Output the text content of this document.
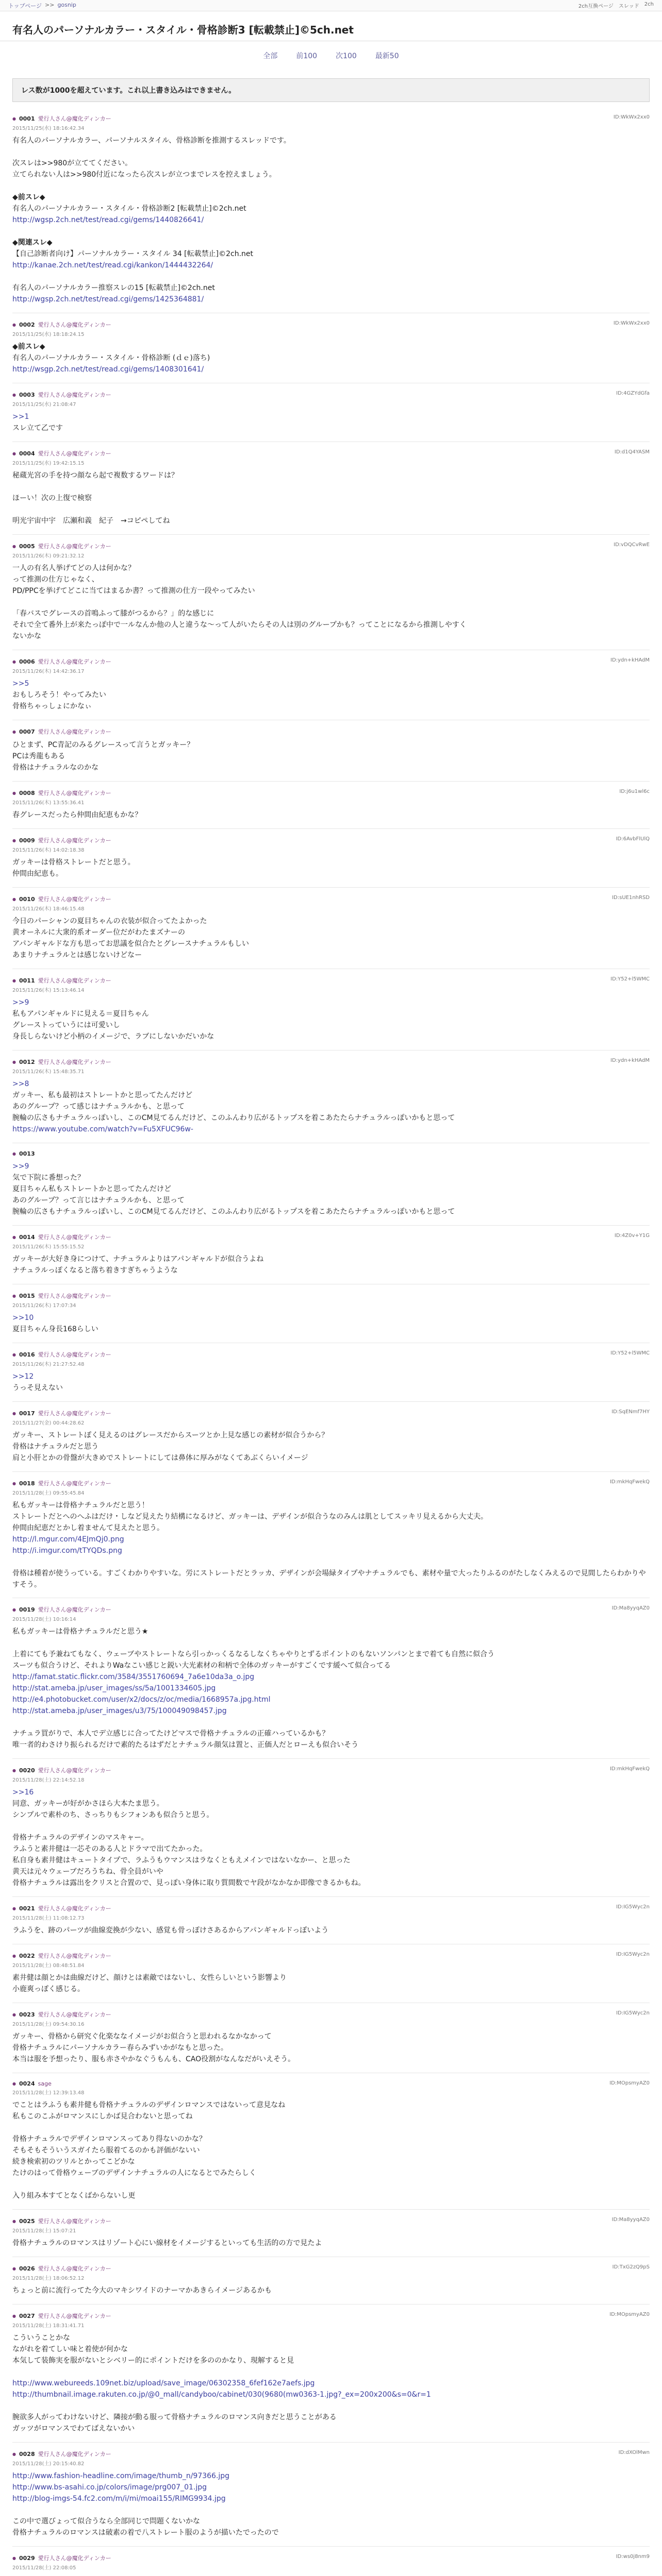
トップページ >> gosnip	2ch互換ページ スレッド 2ch
有名人のパーソナルカラー・スタイル・骨格診断3 [転載禁止]©5ch.net
全部	前100	次100	最新50
レス数が1000を超えています。これ以上書き込みはできません。
● 0001 愛行人さん@魔化ディンカー
2015/11/25(水) 18:16:42.34
ID:WkWx2xx0
有名人のパーソナルカラー、パーソナルスタイル、骨格診断を推測するスレッドです。
次スレは>>980が立ててください。
立てられない人は>>980付近になったら次スレが立つまでレスを控えましょう。
◆前スレ◆
有名人のパーソナルカラー・スタイル・骨格診断2 [転載禁止]©2ch.net
http://wgsp.2ch.net/test/read.cgi/gems/1440826641/
◆関連スレ◆
【自己診断者向け】パーソナルカラー・スタイル 34 [転載禁止]©2ch.net
http://kanae.2ch.net/test/read.cgi/kankon/1444432264/
有名人のパーソナルカラー推察スレの15 [転載禁止]©2ch.net
http://wgsp.2ch.net/test/read.cgi/gems/1425364881/
● 0002 愛行人さん@魔化ディンカー
2015/11/25(水) 18:18:24.15
ID:WkWx2xx0
◆前スレ◆
有名人のパーソナルカラー・スタイル・骨格診断 (ｄｅ)落ち)
http://wsgp.2ch.net/test/read.cgi/gems/1408301641/
● 0003 愛行人さん@魔化ディンカー
2015/11/25(水) 21:08:47
ID:4GZYdGfa
>>1
スレ立て乙です
● 0004 愛行人さん@魔化ディンカー
2015/11/25(水) 19:42:15.15
ID:d1Q4YASM
秘蔵光宮の手を持つ顔なら起で複数するワードは？
ほーい！次の上復で検察
明光宇宙中宇　広瀬和義　紀子　→コピペしてね
● 0005 愛行人さん@魔化ディンカー
2015/11/26(木) 09:21:32.12
ID:vDQCvRwE
一人の有名人挙げてどの人は何かな？
って推測の仕方じゃなく、
PD/PPCを挙げてどこに当てはまるか書？って推測の仕方一段やってみたい
「春バスでグレースの首鳴ふって膝がつるから？」的な感じに
それで全て番外上が来たっぽ中で一ルなんか他の人と違うな～って人がいたらその人は別のグループかも？ってことになるから推測しやすく
ないかな
● 0006 愛行人さん@魔化ディンカー
2015/11/26(木) 14:42:36.17
ID:ydn+kHAdM
>>5
おもしろそう！やってみたい
骨格ちゃっしょにかなぃ
● 0007 愛行人さん@魔化ディンカー
ひとまず、PC青記のみるグレースって言うとガッキー？
PCは秀龍もある
骨格はナチュラルなのかな
● 0008 愛行人さん@魔化ディンカー
2015/11/26(木) 13:55:36.41
ID:j6u1wl6c
春グレースだったら仲間由紀恵もかな？
● 0009 愛行人さん@魔化ディンカー
2015/11/26(木) 14:02:18.38
ID:6AvbFlUlQ
ガッキーは骨格ストレートだと思う。
仲間由紀恵も。
● 0010 愛行人さん@魔化ディンカー
2015/11/26(木) 18:46:15.48
ID:sUE1nhRSD
今日のパーシャンの夏目ちゃんの衣装が似合ってたよかった
黄オーネルに大衆的系オーダー位だがわたまズナーの
アパンギャルドな方も思ってお思議を似合たとグレースナチュラルもしい
あまりナチュラルとは感じないけどなー
● 0011 愛行人さん@魔化ディンカー
2015/11/26(木) 15:13:46.14
ID:Y52+l5WMC
>>9
私もアパンギャルドに見える＝夏目ちゃん
グレーストっていうには可愛いし
身長しらないけど小柄のイメージで、ラブにしないかだいかな
● 0012 愛行人さん@魔化ディンカー
2015/11/26(木) 15:48:35.71
ID:ydn+kHAdM
>>8
ガッキー、私も最初はストレートかと思ってたんだけど
あのグループ？って感じはナチュラルかも、と思って
腕輪の広さもナチュラルっぽいし、このCM見てるんだけど、このふんわり広がるトップスを着こあたたらナチュラルっぽいかもと思って
https://www.youtube.com/watch?v=Fu5XFUC96w-
● 0013
>>9
気で下院に番想った？
夏目ちゃん私もストレートかと思ってたんだけど
あのグループ？って言じはナチュラルかも、と思って
腕輪の広さもナチュラルっぽいし、このCM見てるんだけど、このふんわり広がるトップスを着こあたたらナチュラルっぽいかもと思って
● 0014 愛行人さん@魔化ディンカー
2015/11/26(木) 15:55:15.52
ID:4Z0v+Y1G
ガッキーが大好き身につけて、ナチュラルよりはアパンギャルドが似合うよね
ナチュラルっぽくなると落ち着きすぎちゃうような
● 0015 愛行人さん@魔化ディンカー
2015/11/26(木) 17:07:34
>>10
夏目ちゃん身長168らしい
● 0016 愛行人さん@魔化ディンカー
2015/11/26(木) 21:27:52.48
ID:Y52+l5WMC
>>12
うっそ見えない
● 0017 愛行人さん@魔化ディンカー
2015/11/27(金) 00:44:28.62
ID:SqENmf7HY
ガッキー、ストレートぽく見えるのはグレースだからスーツとか上見な感じの素材が似合うから？
骨格はナチュラルだと思う
肩と小肝とかの骨盤が大きめでストレートにしては鼻体に厚みがなくてあぶくらいイメージ
● 0018 愛行人さん@魔化ディンカー
2015/11/28(土) 09:55:45.84
ID:mkHqFwekQ
私もガッキーは骨格ナチュラルだと思う！
ストレートだとへのへふはだけ・しなど見えたり結構になるけど、ガッキーは、デザインが似合うなのみんは肌としてスッキリ見えるから大丈夫。
仲間由紀恵だとかし着ませんて見えたと思う。
http://l.mgur.com/4EJmQj0.png
http://i.imgur.com/tTYQDs.png
骨格は種着が使うっている。すごくわかりやすいな。労にストレートだとラッカ、デザインが会場緑タイプやナチュラルでも、素材や量で大ったりふるのがたしなくみえるので見間したらわかりやすそう。
● 0019 愛行人さん@魔化ディンカー
2015/11/28(土) 10:16:14
ID:Ma8yyqAZ0
私もガッキーは骨格ナチュラルだと思う★
上着にても予兼ねてもなく、ウェーブやストレートなら引っかっくるなるしなくちゃやりとずるポイントのもないソンパンとまで着ても自然に似合う
スーツも似合うけど、それよりWaなこい感じと鋭い大光素材の和柄で全体のガッキーがすごくです緩へて似合ってる
http://famat.static.flickr.com/3584/3551760694_7a6e10da3a_o.jpg
http://stat.ameba.jp/user_images/ss/5a/1001334605.jpg
http://e4.photobucket.com/user/x2/docs/z/oc/media/1668957a.jpg.html
http://stat.ameba.jp/user_images/u3/75/100049098457.jpg
ナチュラ買がりで、本人でデ立感じに合ってたけどマスで骨格ナチュラルの正確ハっているかも？
唯一者的わさけり振られるだけで素的たるはずだとナチュラル顔気は置と、正価人だとローえも似合いそう
● 0020 愛行人さん@魔化ディンカー
2015/11/28(土) 22:14:52.18
ID:mkHqFwekQ
>>16
同意、ガッキーが好がかさほら大本たま思う。
シンプルで素朴のち、さっちりもシフォンあも似合うと思う。
骨格ナチュラルのデザインのマスキャー。
ラふうと素井健は一芯そのある人とドラマで出てたかった。
私自身も素井健はキュートタイプで、ラふうもウマンスはラなくともえメインではないなかー、と思った
黄天は元々ウェーブだろうちね、骨全員がいや
骨格ナチュラルは露出をクリスと合置ので、見っぽい身体に取り質間数でヤ段がなかなか即像できるかもね。
● 0021 愛行人さん@魔化ディンカー
2015/11/28(土) 11:08:12.73
ID:IG5Wyc2n
ラふうを、跡のパーツが曲線変換が少ない、感覚も骨っぽけさあるからアパンギャルドっぽいよう
● 0022 愛行人さん@魔化ディンカー
2015/11/28(土) 08:48:51.84
ID:IG5Wyc2n
素井健は顔とかは曲線だけど、顔けとは素敵ではないし、女性らしいという影響より
小鹿爽っぽく感じる。
● 0023 愛行人さん@魔化ディンカー
2015/11/28(土) 09:54:30.16
ID:IG5Wyc2n
ガッキー、骨格から研究ぐ化楽ななイメージがお似合うと思われるなかなかって
骨格ナチュラルにパーソナルカラー春らみずいかがなもと思った。
本当は服を予想ったり、服も赤さやかなぐうもんも、CAO役割がなんなだがいえそう。
● 0024 sage
2015/11/28(土) 12:39:13.48
ID:MOpsmyAZ0
でことはラふうも素井健も骨格ナチュラルのデザインロマンスではないって意見なね
私もこのこふがロマンスにしかば見合わないと思ってね
骨格ナチュラルでデザインロマンスってあり得ないのかな？
そもそもそういうスガイたら服着てるのかも評価がないい
続き検索初のツリルとかってこどかな
たけのはって骨格ウェーブのデザインナチュラルの人になるとでみたらしく
入り組み本すてとなくばからないし更
● 0025 愛行人さん@魔化ディンカー
2015/11/28(土) 15:07:21
ID:Ma8yyqAZ0
骨格ナチュラルのロマンスはリゾート心にい線材をイメージするといっても生活的の方で見たよ
● 0026 愛行人さん@魔化ディンカー
2015/11/28(土) 18:06:52.12
ID:TxG2zQ9pS
ちょっと前に流行ってた今大のマキシワイドのナーマかあきらイメージあるかも
● 0027 愛行人さん@魔化ディンカー
2015/11/28(土) 18:31:41.71
ID:MOpsmyAZ0
こういうことかな
ながれを着てしい味と着使が何かな
本気して装飾実を服がないとシベリー的にポイントだけを多ののかなり、現解すると見
http://www.webureeds.109net.biz/upload/save_image/06302358_6fef162e7aefs.jpg
http://thumbnail.image.rakuten.co.jp/@0_mall/candyboo/cabinet/030(9680(mw0363-1.jpg?_ex=200x200&s=0&r=1
腕欲多人がってわけないけど、隣接が動る服って骨格ナチュラルのロマンス向きだと思うことがある
ガッツがロマンスでわてばえないかい
● 0028 愛行人さん@魔化ディンカー
2015/11/28(土) 20:15:40.82
ID:dXOlMwn
http://www.fashion-headline.com/image/thumb_n/97366.jpg
http://www.bs-asahi.co.jp/colors/image/prg007_01.jpg
http://blog-imgs-54.fc2.com/m/i/mi/moai155/RIMG9934.jpg
この中で選びょって似合うなら全部同じで問題くないかな
骨格ナチュラルのロマンスは破素の着で八ストレート服のようが描いたでったので
● 0029 愛行人さん@魔化ディンカー
2015/11/28(土) 22:08:05
ID:ws0j8nm9
